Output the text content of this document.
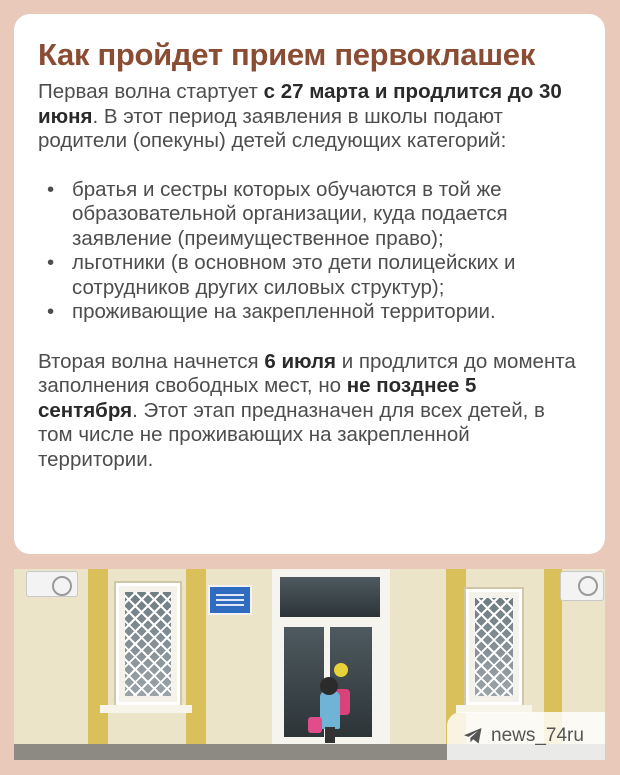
Как пройдет прием первоклашек

Первая волна стартует с 27 марта и продлится до 30 июня. В этот период заявления в школы подают родители (опекуны) детей следующих категорий:

• братья и сестры которых обучаются в той же образовательной организации, куда подается заявление (преимущественное право);
• льготники (в основном это дети полицейских и сотрудников других силовых структур);
• проживающие на закрепленной территории.

Вторая волна начнется 6 июля и продлится до момента заполнения свободных мест, но не позднее 5 сентября. Этот этап предназначен для всех детей, в том числе не проживающих на закрепленной территории.

news_74ru
